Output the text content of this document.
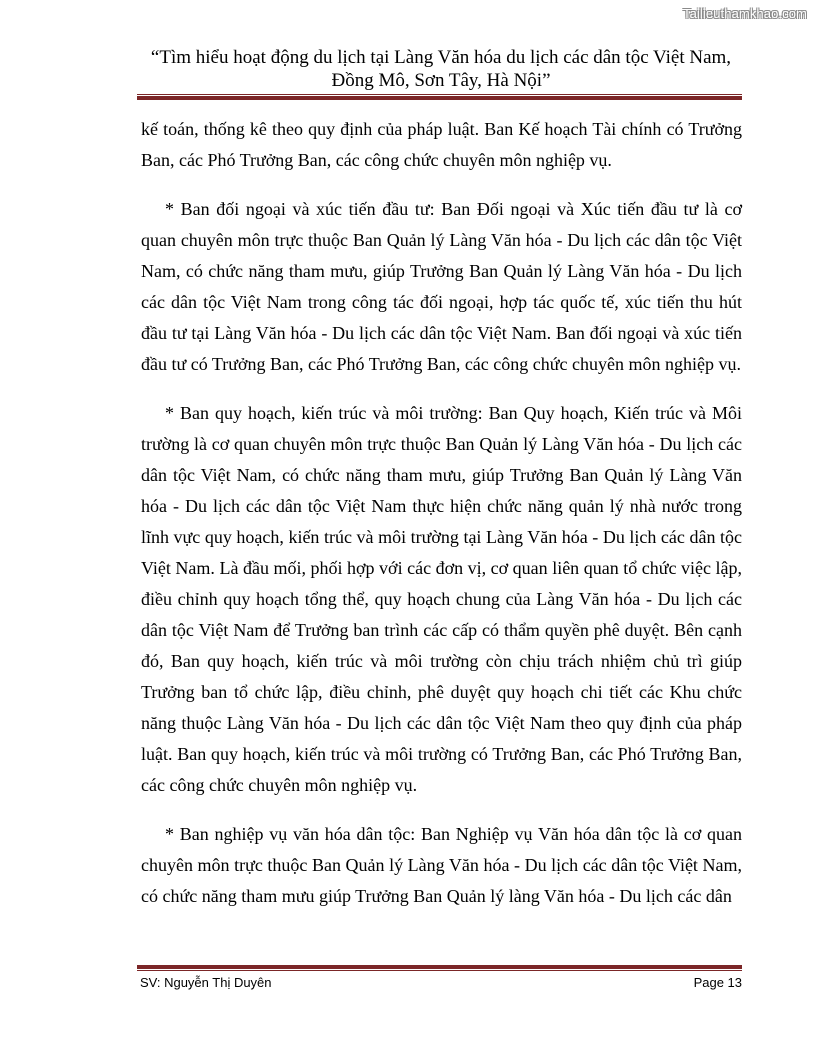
Tailieuthamkhao.com
“Tìm hiểu hoạt động du lịch tại Làng Văn hóa du lịch các dân tộc Việt Nam,
Đồng Mô, Sơn Tây, Hà Nội”

kế toán, thống kê theo quy định của pháp luật. Ban Kế hoạch Tài chính có Trưởng Ban, các Phó Trưởng Ban, các công chức chuyên môn nghiệp vụ.

* Ban đối ngoại và xúc tiến đầu tư: Ban Đối ngoại và Xúc tiến đầu tư là cơ quan chuyên môn trực thuộc Ban Quản lý Làng Văn hóa - Du lịch các dân tộc Việt Nam, có chức năng tham mưu, giúp Trưởng Ban Quản lý Làng Văn hóa - Du lịch các dân tộc Việt Nam trong công tác đối ngoại, hợp tác quốc tế, xúc tiến thu hút đầu tư tại Làng Văn hóa - Du lịch các dân tộc Việt Nam. Ban đối ngoại và xúc tiến đầu tư có Trưởng Ban, các Phó Trưởng Ban, các công chức chuyên môn nghiệp vụ.

* Ban quy hoạch, kiến trúc và môi trường: Ban Quy hoạch, Kiến trúc và Môi trường là cơ quan chuyên môn trực thuộc Ban Quản lý Làng Văn hóa - Du lịch các dân tộc Việt Nam, có chức năng tham mưu, giúp Trưởng Ban Quản lý Làng Văn hóa - Du lịch các dân tộc Việt Nam thực hiện chức năng quản lý nhà nước trong lĩnh vực quy hoạch, kiến trúc và môi trường tại Làng Văn hóa - Du lịch các dân tộc Việt Nam. Là đầu mối, phối hợp với các đơn vị, cơ quan liên quan tổ chức việc lập, điều chỉnh quy hoạch tổng thể, quy hoạch chung của Làng Văn hóa - Du lịch các dân tộc Việt Nam để Trưởng ban trình các cấp có thẩm quyền phê duyệt. Bên cạnh đó, Ban quy hoạch, kiến trúc và môi trường còn chịu trách nhiệm chủ trì giúp Trưởng ban tổ chức lập, điều chỉnh, phê duyệt quy hoạch chi tiết các Khu chức năng thuộc Làng Văn hóa - Du lịch các dân tộc Việt Nam theo quy định của pháp luật. Ban quy hoạch, kiến trúc và môi trường có Trưởng Ban, các Phó Trưởng Ban, các công chức chuyên môn nghiệp vụ.

* Ban nghiệp vụ văn hóa dân tộc: Ban Nghiệp vụ Văn hóa dân tộc là cơ quan chuyên môn trực thuộc Ban Quản lý Làng Văn hóa - Du lịch các dân tộc Việt Nam, có chức năng tham mưu giúp Trưởng Ban Quản lý làng Văn hóa - Du lịch các dân

SV: Nguyễn Thị Duyên	Page 13
